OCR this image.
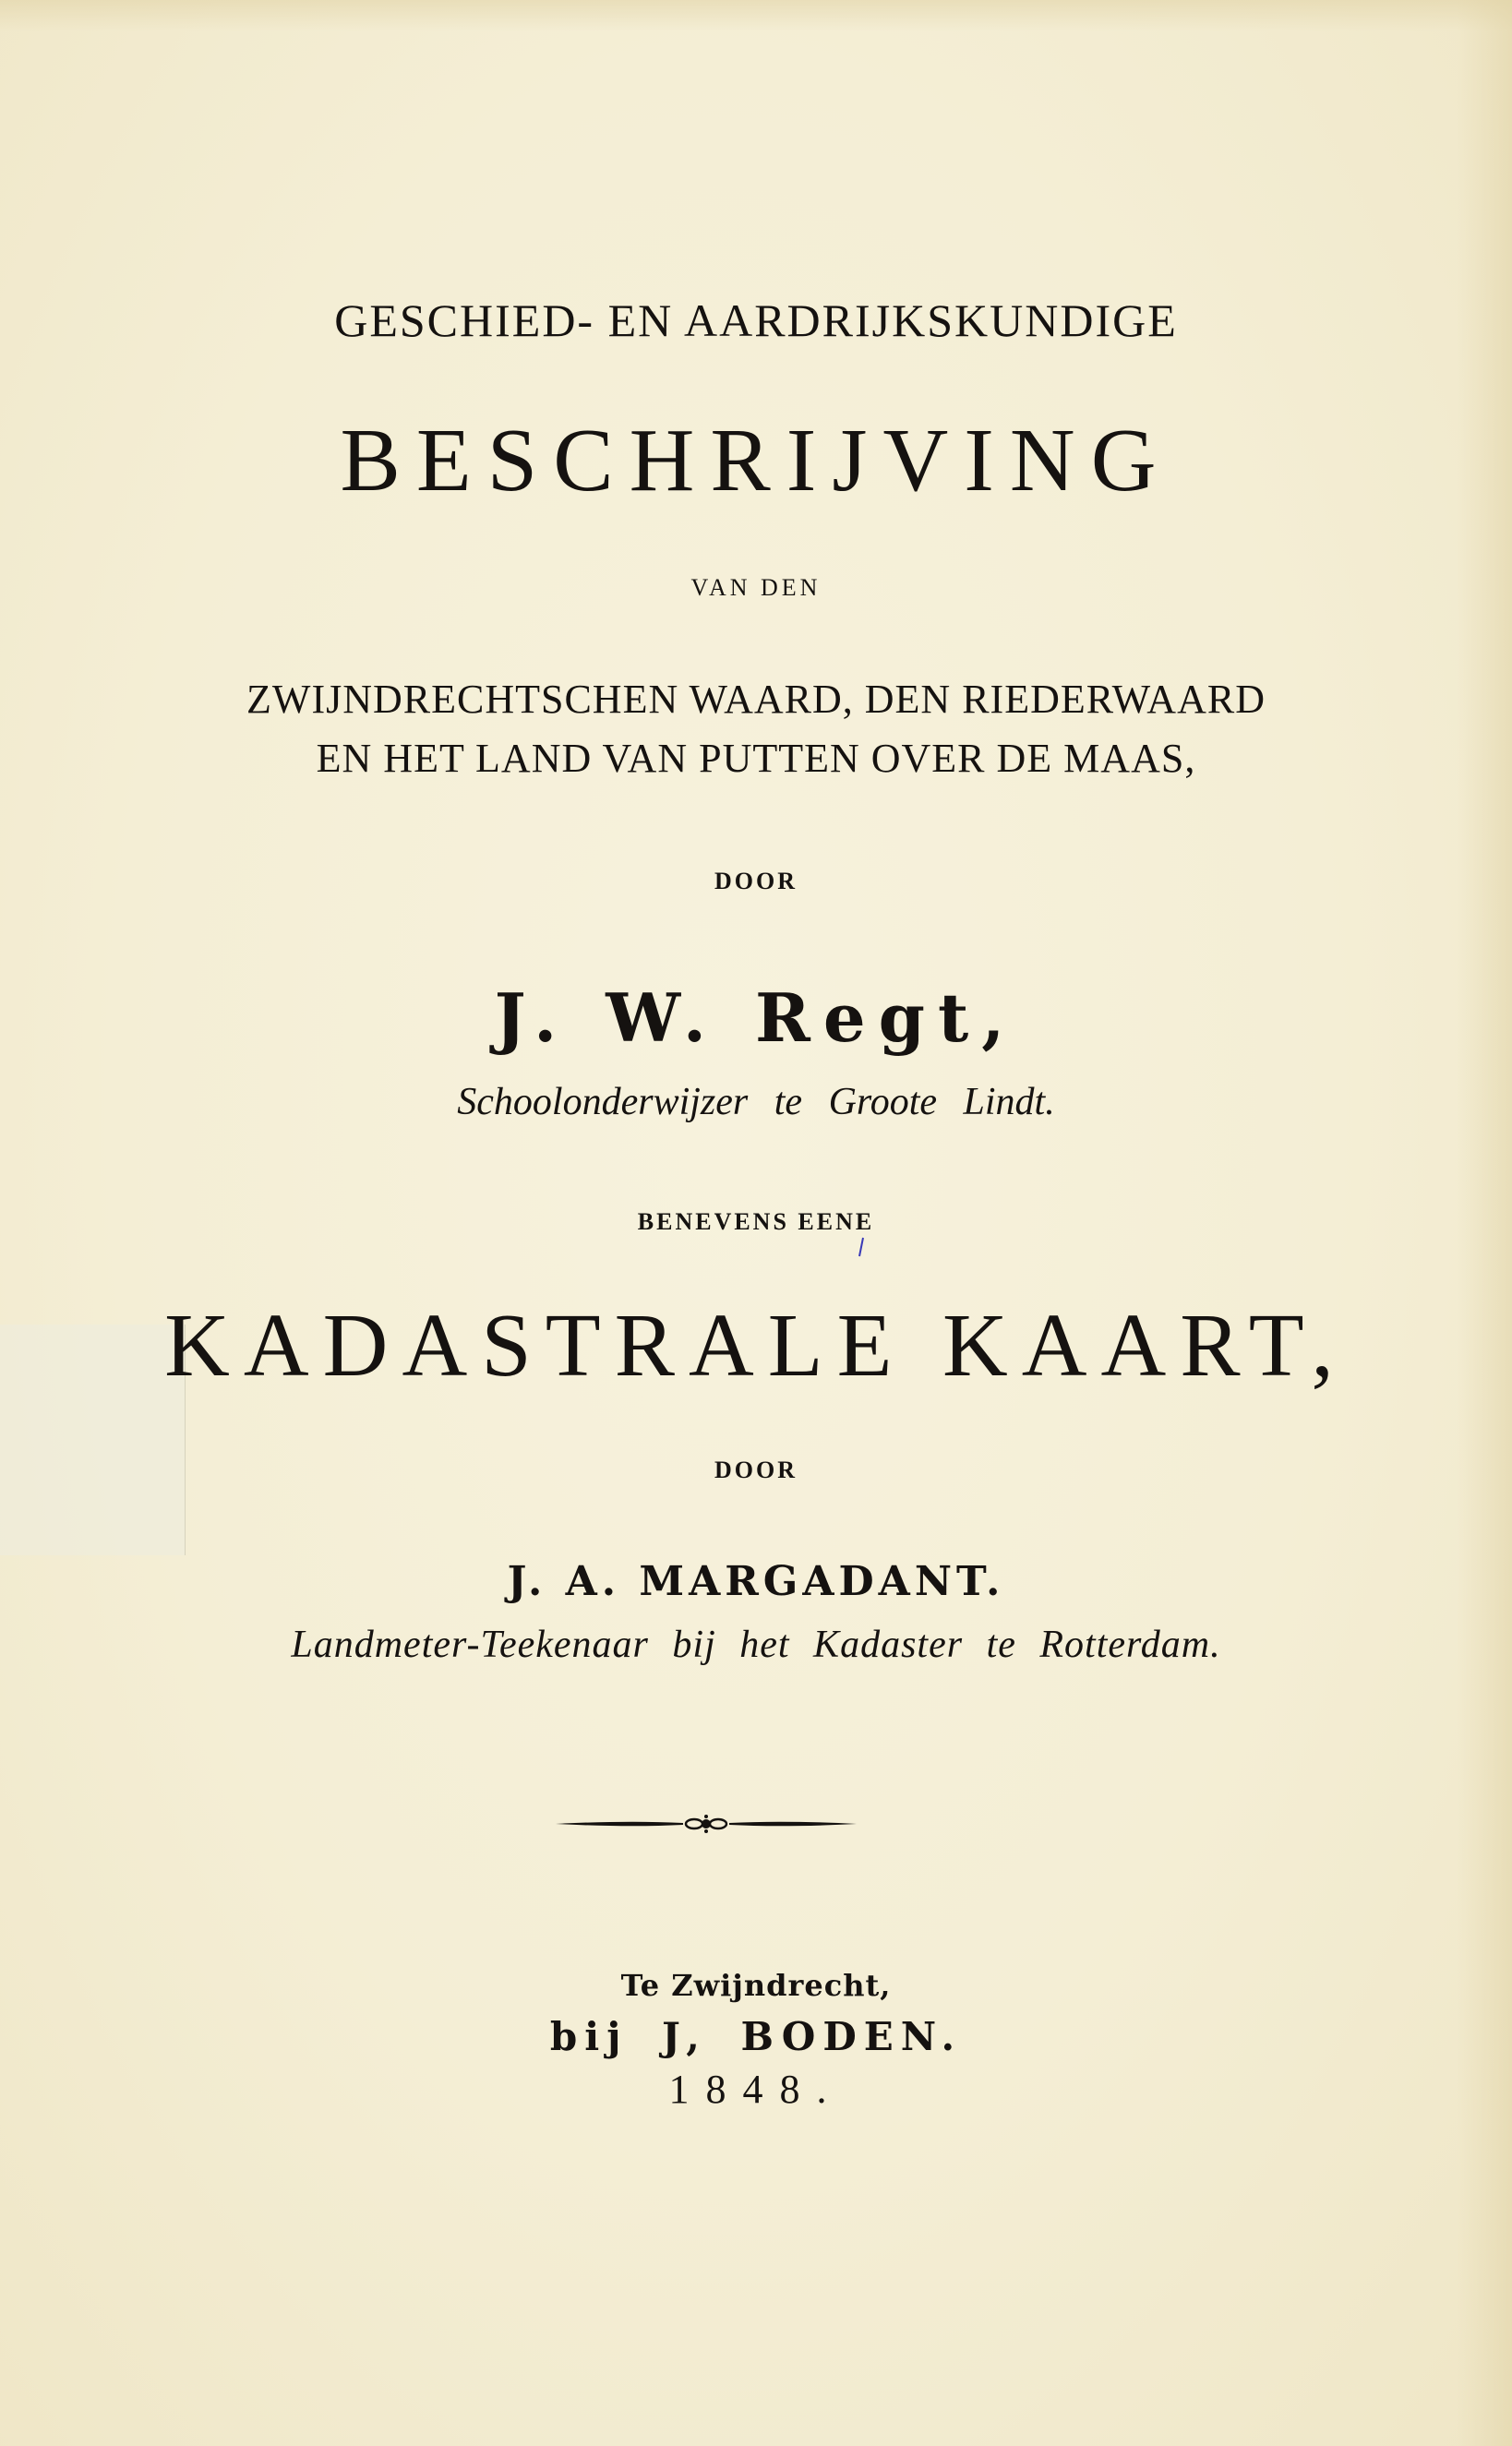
GESCHIED- EN AARDRIJKSKUNDIGE
BESCHRIJVING
VAN DEN
ZWIJNDRECHTSCHEN WAARD, DEN RIEDERWAARD
EN HET LAND VAN PUTTEN OVER DE MAAS,
DOOR
J. W. Regt,
Schoolonderwijzer te Groote Lindt.
BENEVENS EENE
KADASTRALE KAART,
DOOR
J. A. MARGADANT.
Landmeter-Teekenaar bij het Kadaster te Rotterdam.
Te Zwijndrecht,
bij J, BODEN.
1848.
